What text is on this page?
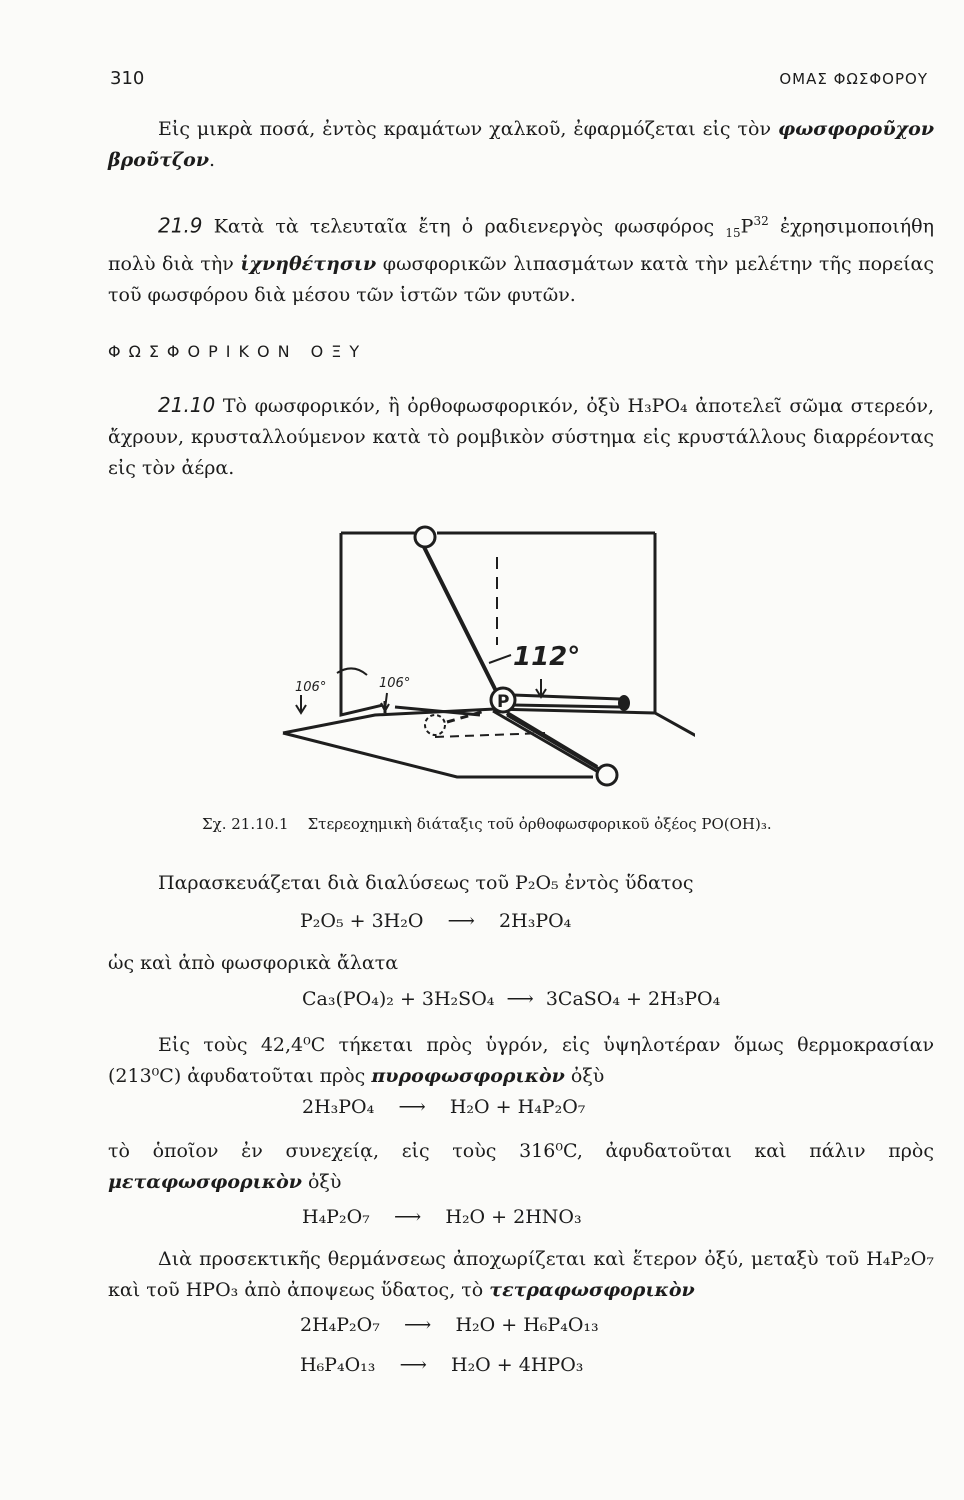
310	ΟΜΑΣ ΦΩΣΦΟΡΟΥ
Εἰς μικρὰ ποσά, ἐντὸς κραμάτων χαλκοῦ, ἐφαρμόζεται εἰς τὸν φωσφοροῦχον βροῦτζον.
21.9 Κατὰ τὰ τελευταῖα ἔτη ὁ ραδιενεργὸς φωσφόρος $_{15}P^{32}$ ἐχρησιμοποιήθη πολὺ διὰ τὴν ἰχνηθέτησιν φωσφορικῶν λιπασμάτων κατὰ τὴν μελέτην τῆς πορείας τοῦ φωσφόρου διὰ μέσου τῶν ἱστῶν τῶν φυτῶν.
ΦΩΣΦΟΡΙΚΟΝ ΟΞΥ
21.10 Τὸ φωσφορικόν, ἢ ὀρθοφωσφορικόν, ὀξὺ H₃PO₄ ἀποτελεῖ σῶμα στερεόν, ἄχρουν, κρυσταλλούμενον κατὰ τὸ ρομβικὸν σύστημα εἰς κρυστάλλους διαρρέοντας εἰς τὸν ἀέρα.
P
112°
106°	106°
Σχ. 21.10.1 Στερεοχημικὴ διάταξις τοῦ ὀρθοφωσφορικοῦ ὀξέος PO(OH)₃.
Παρασκευάζεται διὰ διαλύσεως τοῦ P₂O₅ ἐντὸς ὕδατος
P₂O₅ + 3H₂O ⟶ 2H₃PO₄
ὡς καὶ ἀπὸ φωσφορικὰ ἄλατα
Ca₃(PO₄)₂ + 3H₂SO₄ ⟶ 3CaSO₄ + 2H₃PO₄
Εἰς τοὺς 42,4⁰C τήκεται πρὸς ὑγρόν, εἰς ὑψηλοτέραν ὅμως θερμοκρασίαν (213⁰C) ἀφυδατοῦται πρὸς πυροφωσφορικὸν ὀξὺ
2H₃PO₄ ⟶ H₂O + H₄P₂O₇
τὸ ὁποῖον ἐν συνεχείᾳ, εἰς τοὺς 316⁰C, ἀφυδατοῦται καὶ πάλιν πρὸς μεταφωσφορικὸν ὀξὺ
H₄P₂O₇ ⟶ H₂O + 2HNO₃
Διὰ προσεκτικῆς θερμάνσεως ἀποχωρίζεται καὶ ἕτερον ὀξύ, μεταξὺ τοῦ H₄P₂O₇ καὶ τοῦ HPO₃ ἀπὸ ἀποψεως ὕδατος, τὸ τετραφωσφορικὸν
2H₄P₂O₇ ⟶ H₂O + H₆P₄O₁₃
H₆P₄O₁₃ ⟶ H₂O + 4HPO₃
